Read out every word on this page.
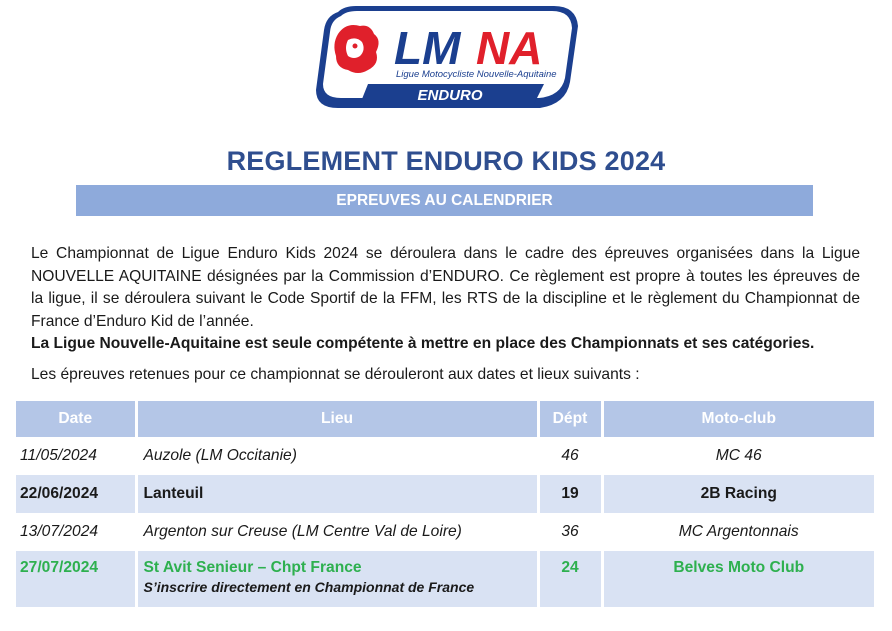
LM NA
Ligue Motocycliste Nouvelle-Aquitaine
ENDURO
REGLEMENT ENDURO KIDS 2024
EPREUVES AU CALENDRIER

Le Championnat de Ligue Enduro Kids 2024 se déroulera dans le cadre des épreuves organisées dans la Ligue NOUVELLE AQUITAINE désignées par la Commission d’ENDURO. Ce règlement est propre à toutes les épreuves de la ligue, il se déroulera suivant le Code Sportif de la FFM, les RTS de la discipline et le règlement du Championnat de France d’Enduro Kid de l’année.

La Ligue Nouvelle-Aquitaine est seule compétente à mettre en place des Championnats et ses catégories.

Les épreuves retenues pour ce championnat se dérouleront aux dates et lieux suivants :

Date	Lieu	Dépt	Moto-club
11/05/2024	Auzole (LM Occitanie)	46	MC 46
22/06/2024	Lanteuil	19	2B Racing
13/07/2024	Argenton sur Creuse (LM Centre Val de Loire)	36	MC Argentonnais
27/07/2024	St Avit Senieur – Chpt France
S’inscrire directement en Championnat de France	24	Belves Moto Club
